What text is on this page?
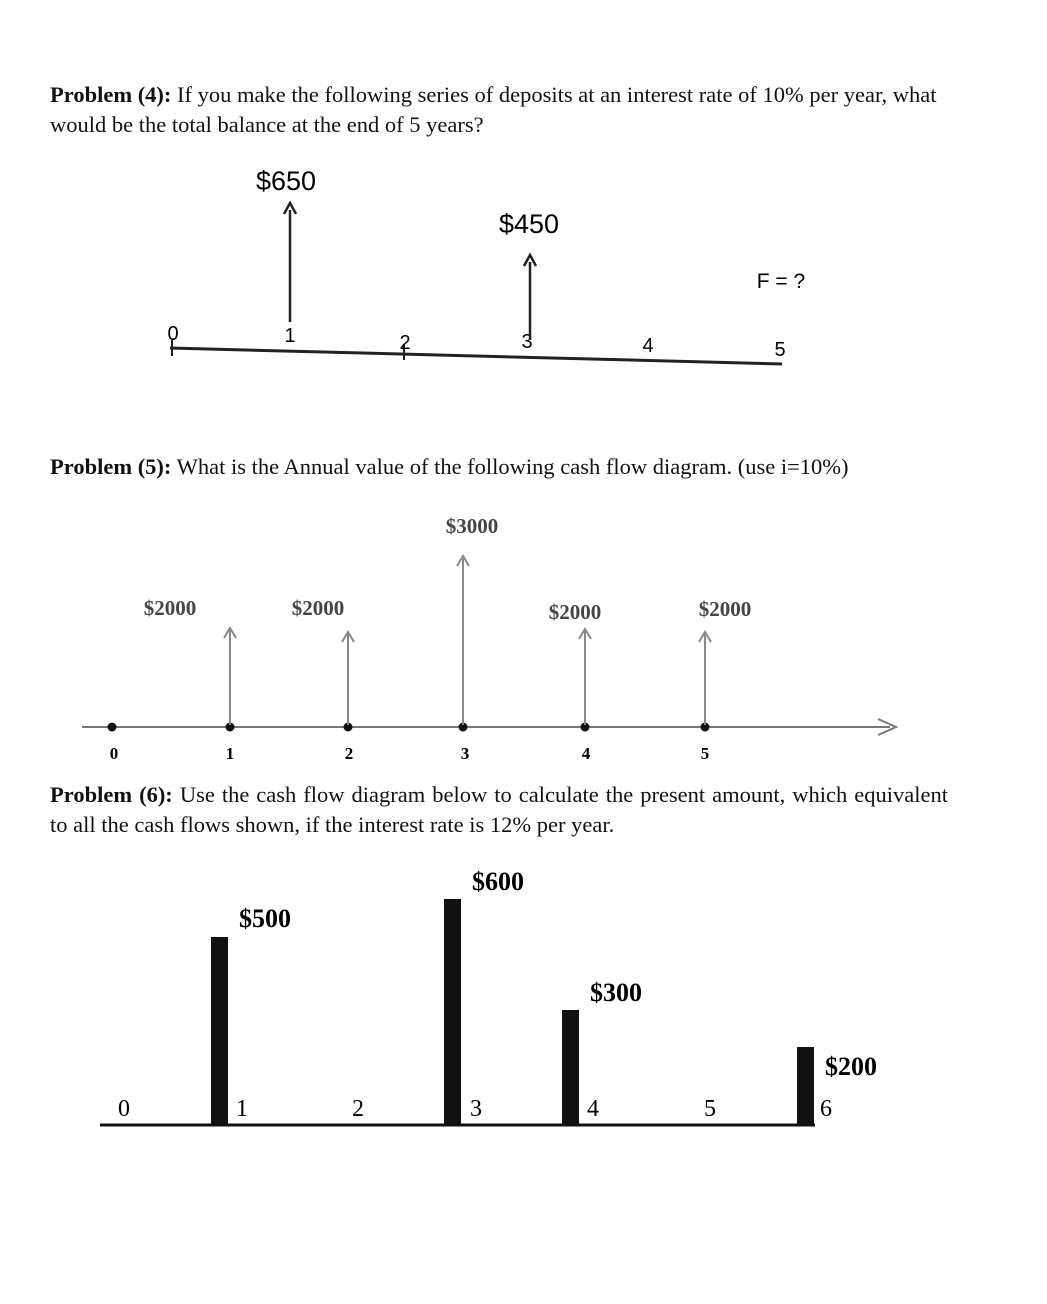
Problem (4): If you make the following series of deposits at an interest rate of 10% per year, what would be the total balance at the end of 5 years?
0	1	2	3	4	5
$650
$450
F = ?
Problem (5): What is the Annual value of the following cash flow diagram. (use i=10%)
0	1	2	3	4	5
$2000	$2000
$3000
$2000	$2000
Problem (6): Use the cash flow diagram below to calculate the present amount, which equivalent to all the cash flows shown, if the interest rate is 12% per year.
0	1	2	3	4	5	6
$500
$600
$300
$200
